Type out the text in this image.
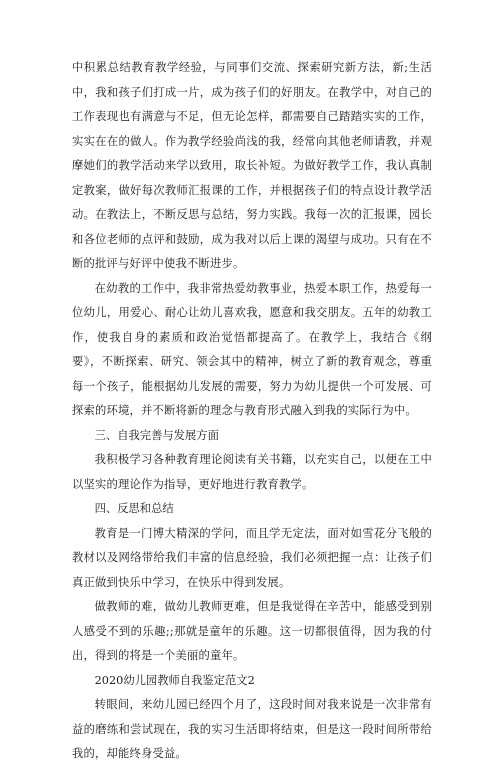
中积累总结教育教学经验，与同事们交流、探索研究新方法，新;生活中，我和孩子们打成一片，成为孩子们的好朋友。在教学中，对自己的工作表现也有满意与不足，但无论怎样，都需要自己踏踏实实的工作，实实在在的做人。作为教学经验尚浅的我，经常向其他老师请教，并观摩她们的教学活动来学以致用，取长补短。为做好教学工作，我认真制定教案，做好每次教师汇报课的工作，并根据孩子们的特点设计教学活动。在教法上，不断反思与总结，努力实践。我每一次的汇报课，园长和各位老师的点评和鼓励，成为我对以后上课的渴望与成功。只有在不断的批评与好评中使我不断进步。

在幼教的工作中，我非常热爱幼教事业，热爱本职工作，热爱每一位幼儿，用爱心、耐心让幼儿喜欢我，愿意和我交朋友。五年的幼教工作，使我自身的素质和政治觉悟都提高了。在教学上，我结合《纲要》，不断探索、研究、领会其中的精神，树立了新的教育观念，尊重每一个孩子，能根据幼儿发展的需要，努力为幼儿提供一个可发展、可探索的环境，并不断将新的理念与教育形式融入到我的实际行为中。

三、自我完善与发展方面

我积极学习各种教育理论阅读有关书籍，以充实自己，以便在工中以坚实的理论作为指导，更好地进行教育教学。

四、反思和总结

教育是一门博大精深的学问，而且学无定法，面对如雪花分飞般的教材以及网络带给我们丰富的信息经验，我们必须把握一点：让孩子们真正做到快乐中学习，在快乐中得到发展。

做教师的难，做幼儿教师更难，但是我觉得在辛苦中，能感受到别人感受不到的乐趣;;那就是童年的乐趣。这一切都很值得，因为我的付出，得到的将是一个美丽的童年。

2020幼儿园教师自我鉴定范文2

转眼间，来幼儿园已经四个月了，这段时间对我来说是一次非常有益的磨练和尝试现在，我的实习生活即将结束，但是这一段时间所带给我的，却能终身受益。
